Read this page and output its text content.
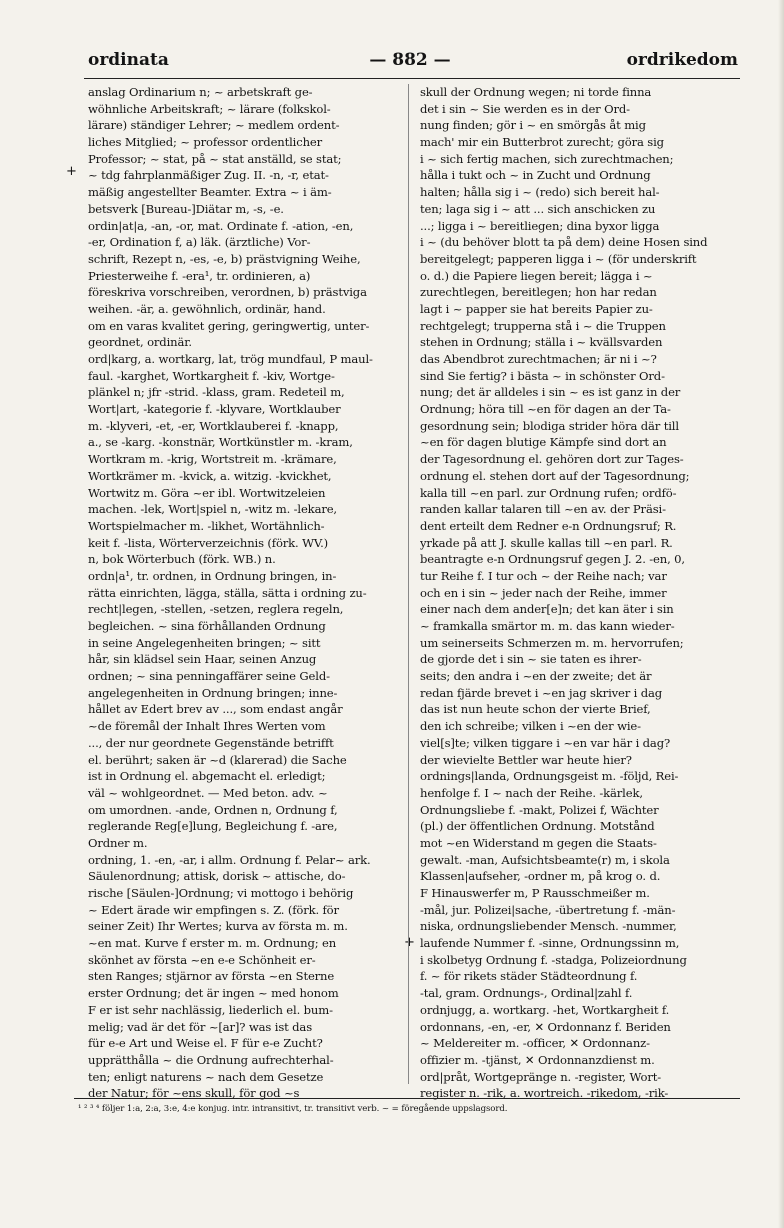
ordinata	— 882 —	ordrikedom
+
+

anslag Ordinarium n; ~ arbetskraft ge-

wöhnliche Arbeitskraft; ~ lärare (folkskol-

lärare) ständiger Lehrer; ~ medlem ordent-

liches Mitglied; ~ professor ordentlicher

Professor; ~ stat, på ~ stat anställd, se stat;

~ tdg fahrplanmäßiger Zug. II. -n, -r, etat-

mäßig angestellter Beamter. Extra ~ i äm-

betsverk [Bureau-]Diätar m, -s, -e.

ordin|at|a, -an, -or, mat. Ordinate f. -ation, -en,

-er, Ordination f, a) läk. (ärztliche) Vor-

schrift, Rezept n, -es, -e, b) prästvigning Weihe,

Priesterweihe f. -era¹, tr. ordinieren, a)

föreskriva vorschreiben, verordnen, b) prästviga

weihen. -är, a. gewöhnlich, ordinär, hand.

om en varas kvalitet gering, geringwertig, unter-

geordnet, ordinär.

ord|karg, a. wortkarg, lat, trög mundfaul, P maul-

faul. -karghet, Wortkargheit f. -kiv, Wortge-

plänkel n; jfr -strid. -klass, gram. Redeteil m,

Wort|art, -kategorie f. -klyvare, Wortklauber

m. -klyveri, -et, -er, Wortklauberei f. -knapp,

a., se -karg. -konstnär, Wortkünstler m. -kram,

Wortkram m. -krig, Wortstreit m. -krämare,

Wortkrämer m. -kvick, a. witzig. -kvickhet,

Wortwitz m. Göra ~er ibl. Wortwitzeleien

machen. -lek, Wort|spiel n, -witz m. -lekare,

Wortspielmacher m. -likhet, Wortähnlich-

keit f. -lista, Wörterverzeichnis (förk. WV.)

n, bok Wörterbuch (förk. WB.) n.

ordn|a¹, tr. ordnen, in Ordnung bringen, in-

rätta einrichten, lägga, ställa, sätta i ordning zu-

recht|legen, -stellen, -setzen, reglera regeln,

begleichen. ~ sina förhållanden Ordnung

in seine Angelegenheiten bringen; ~ sitt

hår, sin klädsel sein Haar, seinen Anzug

ordnen; ~ sina penningaffärer seine Geld-

angelegenheiten in Ordnung bringen; inne-

hållet av Edert brev av ..., som endast angår

~de föremål der Inhalt Ihres Werten vom

..., der nur geordnete Gegenstände betrifft

el. berührt; saken är ~d (klarerad) die Sache

ist in Ordnung el. abgemacht el. erledigt;

väl ~ wohlgeordnet. — Med beton. adv. ~

om umordnen. -ande, Ordnen n, Ordnung f,

reglerande Reg[e]lung, Begleichung f. -are,

Ordner m.

ordning, 1. -en, -ar, i allm. Ordnung f. Pelar~ ark.

Säulenordnung; attisk, dorisk ~ attische, do-

rische [Säulen-]Ordnung; vi mottogo i behörig

~ Edert ärade wir empfingen s. Z. (förk. för

seiner Zeit) Ihr Wertes; kurva av första m. m.

~en mat. Kurve f erster m. m. Ordnung; en

skönhet av första ~en e-e Schönheit er-

sten Ranges; stjärnor av första ~en Sterne

erster Ordnung; det är ingen ~ med honom

F er ist sehr nachlässig, liederlich el. bum-

melig; vad är det för ~[ar]? was ist das

für e-e Art und Weise el. F für e-e Zucht?

upprätthålla ~ die Ordnung aufrechterhal-

ten; enligt naturens ~ nach dem Gesetze

der Natur; för ~ens skull, för god ~s

skull der Ordnung wegen; ni torde finna

det i sin ~ Sie werden es in der Ord-

nung finden; gör i ~ en smörgås åt mig

mach' mir ein Butterbrot zurecht; göra sig

i ~ sich fertig machen, sich zurechtmachen;

hålla i tukt och ~ in Zucht und Ordnung

halten; hålla sig i ~ (redo) sich bereit hal-

ten; laga sig i ~ att ... sich anschicken zu

...; ligga i ~ bereitliegen; dina byxor ligga

i ~ (du behöver blott ta på dem) deine Hosen sind

bereitgelegt; papperen ligga i ~ (för underskrift

o. d.) die Papiere liegen bereit; lägga i ~

zurechtlegen, bereitlegen; hon har redan

lagt i ~ papper sie hat bereits Papier zu-

rechtgelegt; trupperna stå i ~ die Truppen

stehen in Ordnung; ställa i ~ kvällsvarden

das Abendbrot zurechtmachen; är ni i ~?

sind Sie fertig? i bästa ~ in schönster Ord-

nung; det är alldeles i sin ~ es ist ganz in der

Ordnung; höra till ~en för dagen an der Ta-

gesordnung sein; blodiga strider höra där till

~en för dagen blutige Kämpfe sind dort an

der Tagesordnung el. gehören dort zur Tages-

ordnung el. stehen dort auf der Tagesordnung;

kalla till ~en parl. zur Ordnung rufen; ordfö-

randen kallar talaren till ~en av. der Präsi-

dent erteilt dem Redner e-n Ordnungsruf; R.

yrkade på att J. skulle kallas till ~en parl. R.

beantragte e-n Ordnungsruf gegen J. 2. -en, 0,

tur Reihe f. I tur och ~ der Reihe nach; var

och en i sin ~ jeder nach der Reihe, immer

einer nach dem ander[e]n; det kan äter i sin

~ framkalla smärtor m. m. das kann wieder-

um seinerseits Schmerzen m. m. hervorrufen;

de gjorde det i sin ~ sie taten es ihrer-

seits; den andra i ~en der zweite; det är

redan fjärde brevet i ~en jag skriver i dag

das ist nun heute schon der vierte Brief,

den ich schreibe; vilken i ~en der wie-

viel[s]te; vilken tiggare i ~en var här i dag?

der wievielte Bettler war heute hier?

ordnings|landa, Ordnungsgeist m. -följd, Rei-

henfolge f. I ~ nach der Reihe. -kärlek,

Ordnungsliebe f. -makt, Polizei f, Wächter

(pl.) der öffentlichen Ordnung. Motstånd

mot ~en Widerstand m gegen die Staats-

gewalt. -man, Aufsichtsbeamte(r) m, i skola

Klassen|aufseher, -ordner m, på krog o. d.

F Hinauswerfer m, P Rausschmeißer m.

-mål, jur. Polizei|sache, -übertretung f. -män-

niska, ordnungsliebender Mensch. -nummer,

laufende Nummer f. -sinne, Ordnungssinn m,

i skolbetyg Ordnung f. -stadga, Polizeiordnung

f. ~ för rikets städer Städteordnung f.

-tal, gram. Ordnungs-, Ordinal|zahl f.

ordnjugg, a. wortkarg. -het, Wortkargheit f.

ordonnans, -en, -er, ✕ Ordonnanz f. Beriden

~ Meldereiter m. -officer, ✕ Ordonnanz-

offizier m. -tjänst, ✕ Ordonnanzdienst m.

ord|pråt, Wortgepränge n. -register, Wort-

register n. -rik, a. wortreich. -rikedom, -rik-

¹ ² ³ ⁴ följer 1:a, 2:a, 3:e, 4:e konjug. intr. intransitivt, tr. transitivt verb. ~ = föregående uppslagsord.
